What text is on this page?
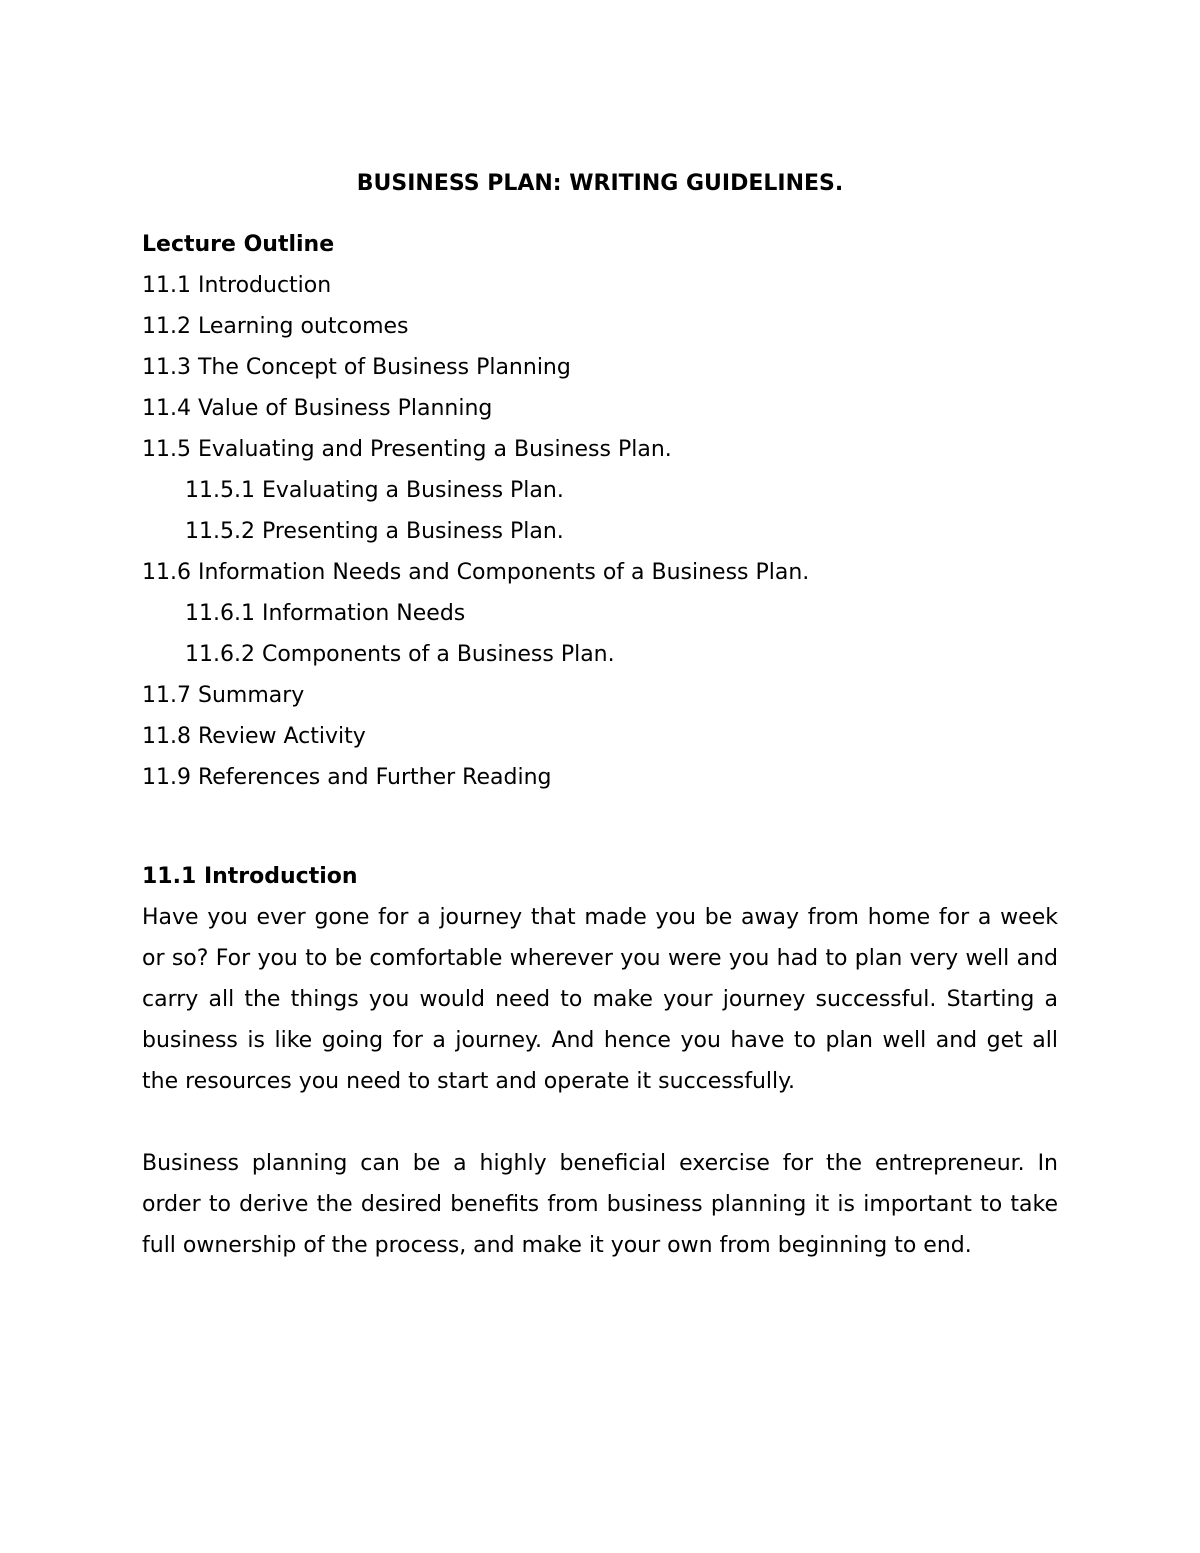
BUSINESS PLAN: WRITING GUIDELINES.
Lecture Outline
11.1 Introduction
11.2 Learning outcomes
11.3 The Concept of Business Planning
11.4 Value of Business Planning
11.5 Evaluating and Presenting a Business Plan.
11.5.1 Evaluating a Business Plan.
11.5.2 Presenting a Business Plan.
11.6 Information Needs and Components of a Business Plan.
11.6.1 Information Needs
11.6.2 Components of a Business Plan.
11.7 Summary
11.8 Review Activity
11.9 References and Further Reading
11.1 Introduction

Have you ever gone for a journey that made you be away from home for a week or so? For you to be comfortable wherever you were you had to plan very well and carry all the things you would need to make your journey successful. Starting a business is like going for a journey. And hence you have to plan well and get all the resources you need to start and operate it successfully.

Business planning can be a highly beneficial exercise for the entrepreneur. In order to derive the desired benefits from business planning it is important to take full ownership of the process, and make it your own from beginning to end.
